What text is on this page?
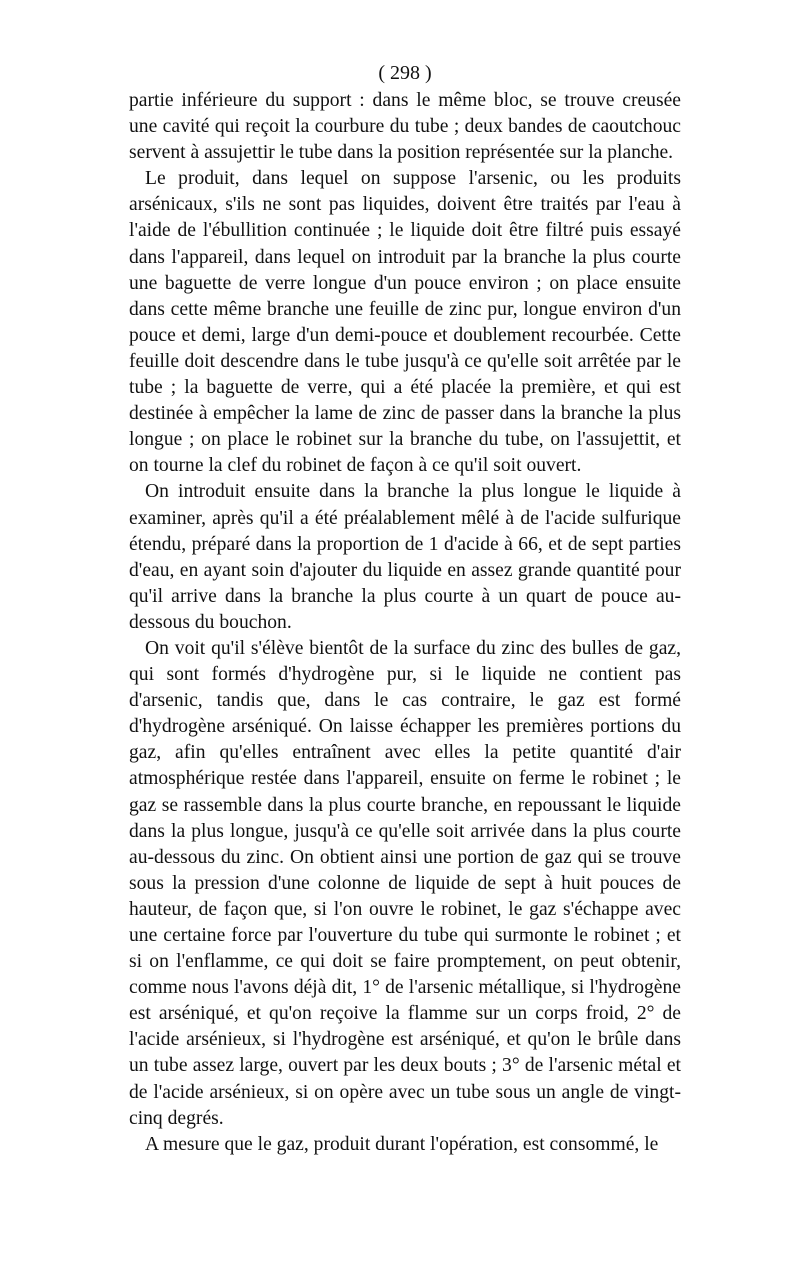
( 298 )

partie inférieure du support : dans le même bloc, se trouve creusée une cavité qui reçoit la courbure du tube ; deux bandes de caoutchouc servent à assujettir le tube dans la position représentée sur la planche.

Le produit, dans lequel on suppose l'arsenic, ou les produits arsénicaux, s'ils ne sont pas liquides, doivent être traités par l'eau à l'aide de l'ébullition continuée ; le liquide doit être filtré puis essayé dans l'appareil, dans lequel on introduit par la branche la plus courte une baguette de verre longue d'un pouce environ ; on place ensuite dans cette même branche une feuille de zinc pur, longue environ d'un pouce et demi, large d'un demi-pouce et doublement recourbée. Cette feuille doit descendre dans le tube jusqu'à ce qu'elle soit arrêtée par le tube ; la baguette de verre, qui a été placée la première, et qui est destinée à empêcher la lame de zinc de passer dans la branche la plus longue ; on place le robinet sur la branche du tube, on l'assujettit, et on tourne la clef du robinet de façon à ce qu'il soit ouvert.

On introduit ensuite dans la branche la plus longue le liquide à examiner, après qu'il a été préalablement mêlé à de l'acide sulfurique étendu, préparé dans la proportion de 1 d'acide à 66, et de sept parties d'eau, en ayant soin d'ajouter du liquide en assez grande quantité pour qu'il arrive dans la branche la plus courte à un quart de pouce au-dessous du bouchon.

On voit qu'il s'élève bientôt de la surface du zinc des bulles de gaz, qui sont formés d'hydrogène pur, si le liquide ne contient pas d'arsenic, tandis que, dans le cas contraire, le gaz est formé d'hydrogène arséniqué. On laisse échapper les premières portions du gaz, afin qu'elles entraînent avec elles la petite quantité d'air atmosphérique restée dans l'appareil, ensuite on ferme le robinet ; le gaz se rassemble dans la plus courte branche, en repoussant le liquide dans la plus longue, jusqu'à ce qu'elle soit arrivée dans la plus courte au-dessous du zinc. On obtient ainsi une portion de gaz qui se trouve sous la pression d'une colonne de liquide de sept à huit pouces de hauteur, de façon que, si l'on ouvre le robinet, le gaz s'échappe avec une certaine force par l'ouverture du tube qui surmonte le robinet ; et si on l'enflamme, ce qui doit se faire promptement, on peut obtenir, comme nous l'avons déjà dit, 1° de l'arsenic métallique, si l'hydrogène est arséniqué, et qu'on reçoive la flamme sur un corps froid, 2° de l'acide arsénieux, si l'hydrogène est arséniqué, et qu'on le brûle dans un tube assez large, ouvert par les deux bouts ; 3° de l'arsenic métal et de l'acide arsénieux, si on opère avec un tube sous un angle de vingt-cinq degrés.

A mesure que le gaz, produit durant l'opération, est consommé, le
